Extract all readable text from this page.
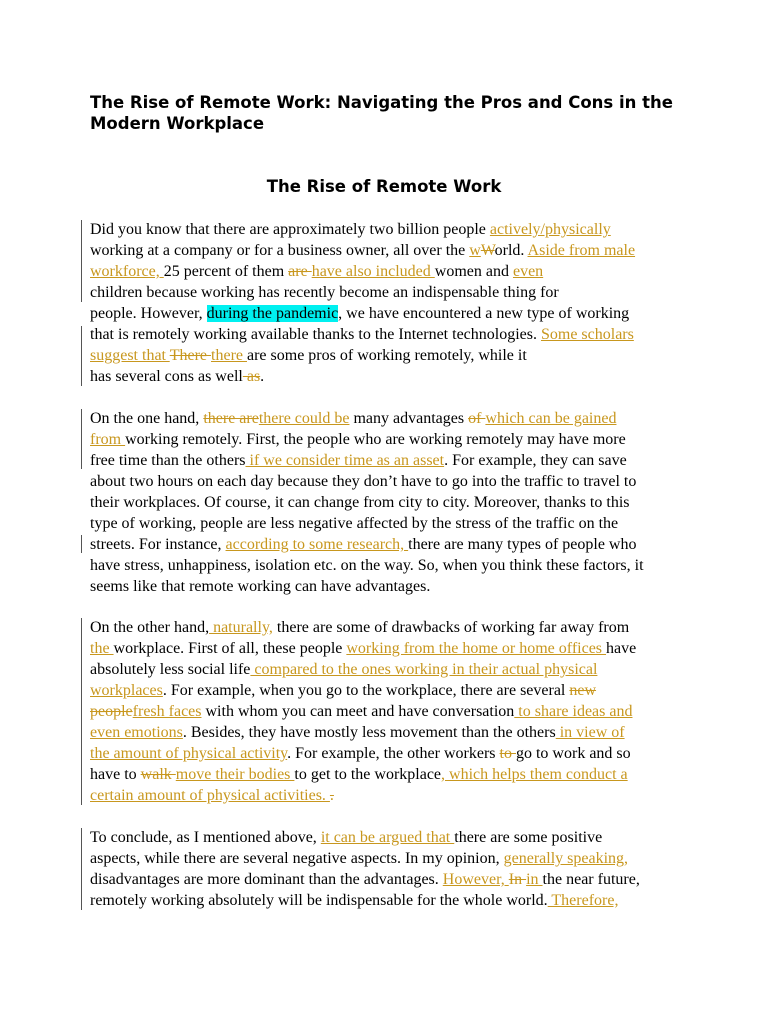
The Rise of Remote Work: Navigating the Pros and Cons in the Modern Workplace
The Rise of Remote Work
Did you know that there are approximately two billion people actively/physically
working at a company or for a business owner, all over the wWorld. Aside from male
workforce, 25 percent of them are have also included women and even
children because working has recently become an indispensable thing for
people. However, during the pandemic, we have encountered a new type of working
that is remotely working available thanks to the Internet technologies. Some scholars
suggest that There there are some pros of working remotely, while it
has several cons as well as.
On the one hand, there arethere could be many advantages of which can be gained
from working remotely. First, the people who are working remotely may have more
free time than the others if we consider time as an asset. For example, they can save
about two hours on each day because they don’t have to go into the traffic to travel to
their workplaces. Of course, it can change from city to city. Moreover, thanks to this
type of working, people are less negative affected by the stress of the traffic on the
streets. For instance, according to some research, there are many types of people who
have stress, unhappiness, isolation etc. on the way. So, when you think these factors, it
seems like that remote working can have advantages.
On the other hand, naturally, there are some of drawbacks of working far away from
the workplace. First of all, these people working from the home or home offices have
absolutely less social life compared to the ones working in their actual physical
workplaces. For example, when you go to the workplace, there are several new
peoplefresh faces with whom you can meet and have conversation to share ideas and
even emotions. Besides, they have mostly less movement than the others in view of
the amount of physical activity. For example, the other workers to go to work and so
have to walk move their bodies to get to the workplace, which helps them conduct a
certain amount of physical activities. .
To conclude, as I mentioned above, it can be argued that there are some positive
aspects, while there are several negative aspects. In my opinion, generally speaking,
disadvantages are more dominant than the advantages. However, In in the near future,
remotely working absolutely will be indispensable for the whole world. Therefore,
